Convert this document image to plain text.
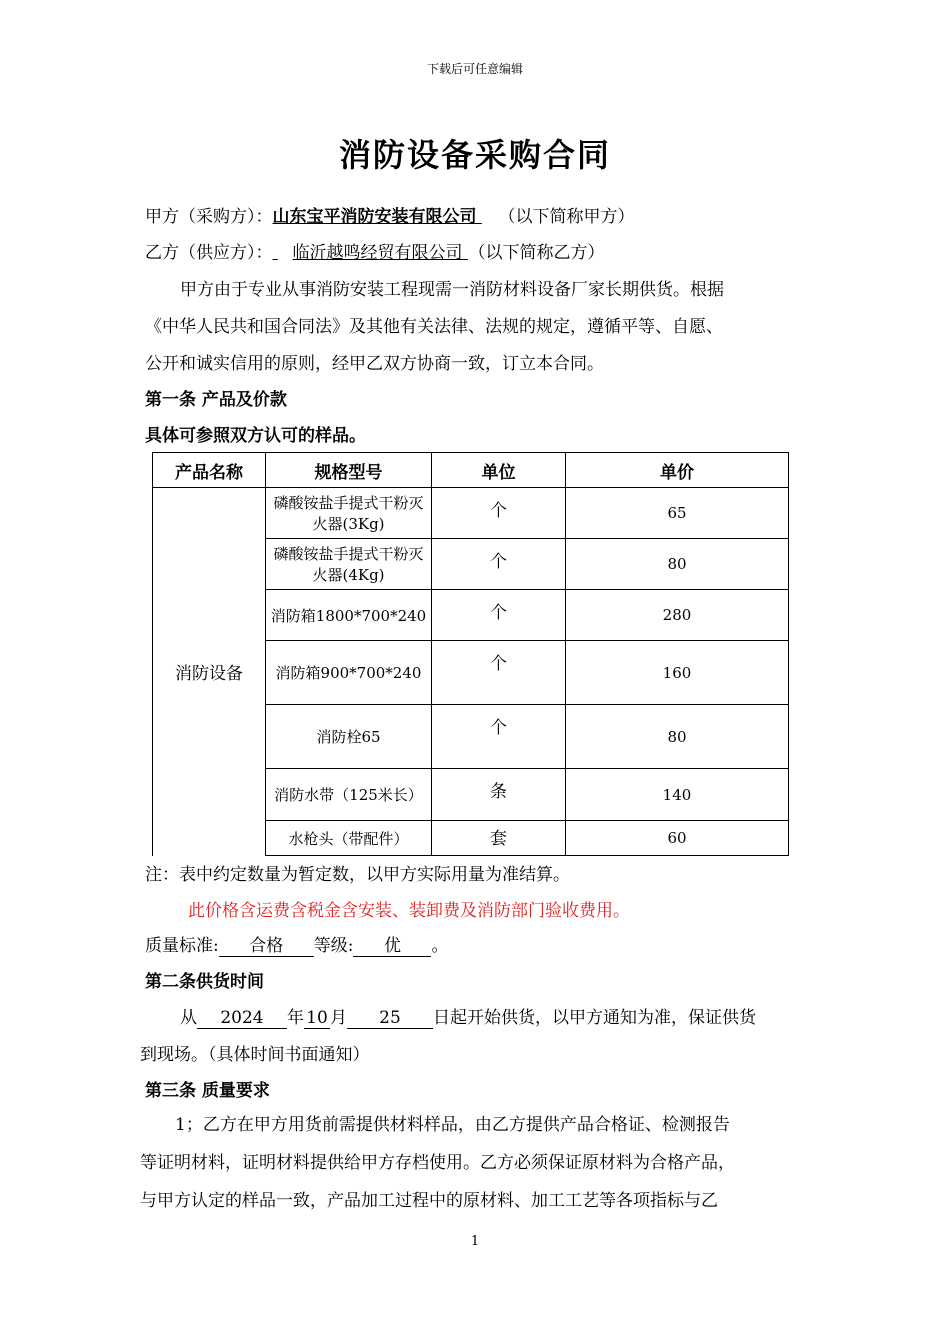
下载后可任意编辑
消防设备采购合同
甲方（采购方）：山东宝平消防安装有限公司 （以下简称甲方）
乙方（供应方）： 临沂越鸣经贸有限公司 （以下简称乙方）
甲方由于专业从事消防安装工程现需一消防材料设备厂家长期供货。根据
《中华人民共和国合同法》及其他有关法律、法规的规定，遵循平等、自愿、
公开和诚实信用的原则，经甲乙双方协商一致，订立本合同。
第一条 产品及价款
具体可参照双方认可的样品。
产品名称	规格型号	单位	单价
消防设备	磷酸铵盐手提式干粉灭火器(3Kg)	个	65
	磷酸铵盐手提式干粉灭火器(4Kg)	个	80
	消防箱1800*700*240	个	280
	消防箱900*700*240	个	160
	消防栓65	个	80
	消防水带（125米长）	条	140
	水枪头（带配件）	套	60
注：表中约定数量为暂定数，以甲方实际用量为准结算。
此价格含运费含税金含安装、装卸费及消防部门验收费用。
质量标准: 合格 等级: 优 。
第二条供货时间
从 2024 年 10 月 25 日起开始供货，以甲方通知为准，保证供货
到现场。（具体时间书面通知）
第三条 质量要求
1；乙方在甲方用货前需提供材料样品，由乙方提供产品合格证、检测报告
等证明材料，证明材料提供给甲方存档使用。乙方必须保证原材料为合格产品，
与甲方认定的样品一致，产品加工过程中的原材料、加工工艺等各项指标与乙
1
